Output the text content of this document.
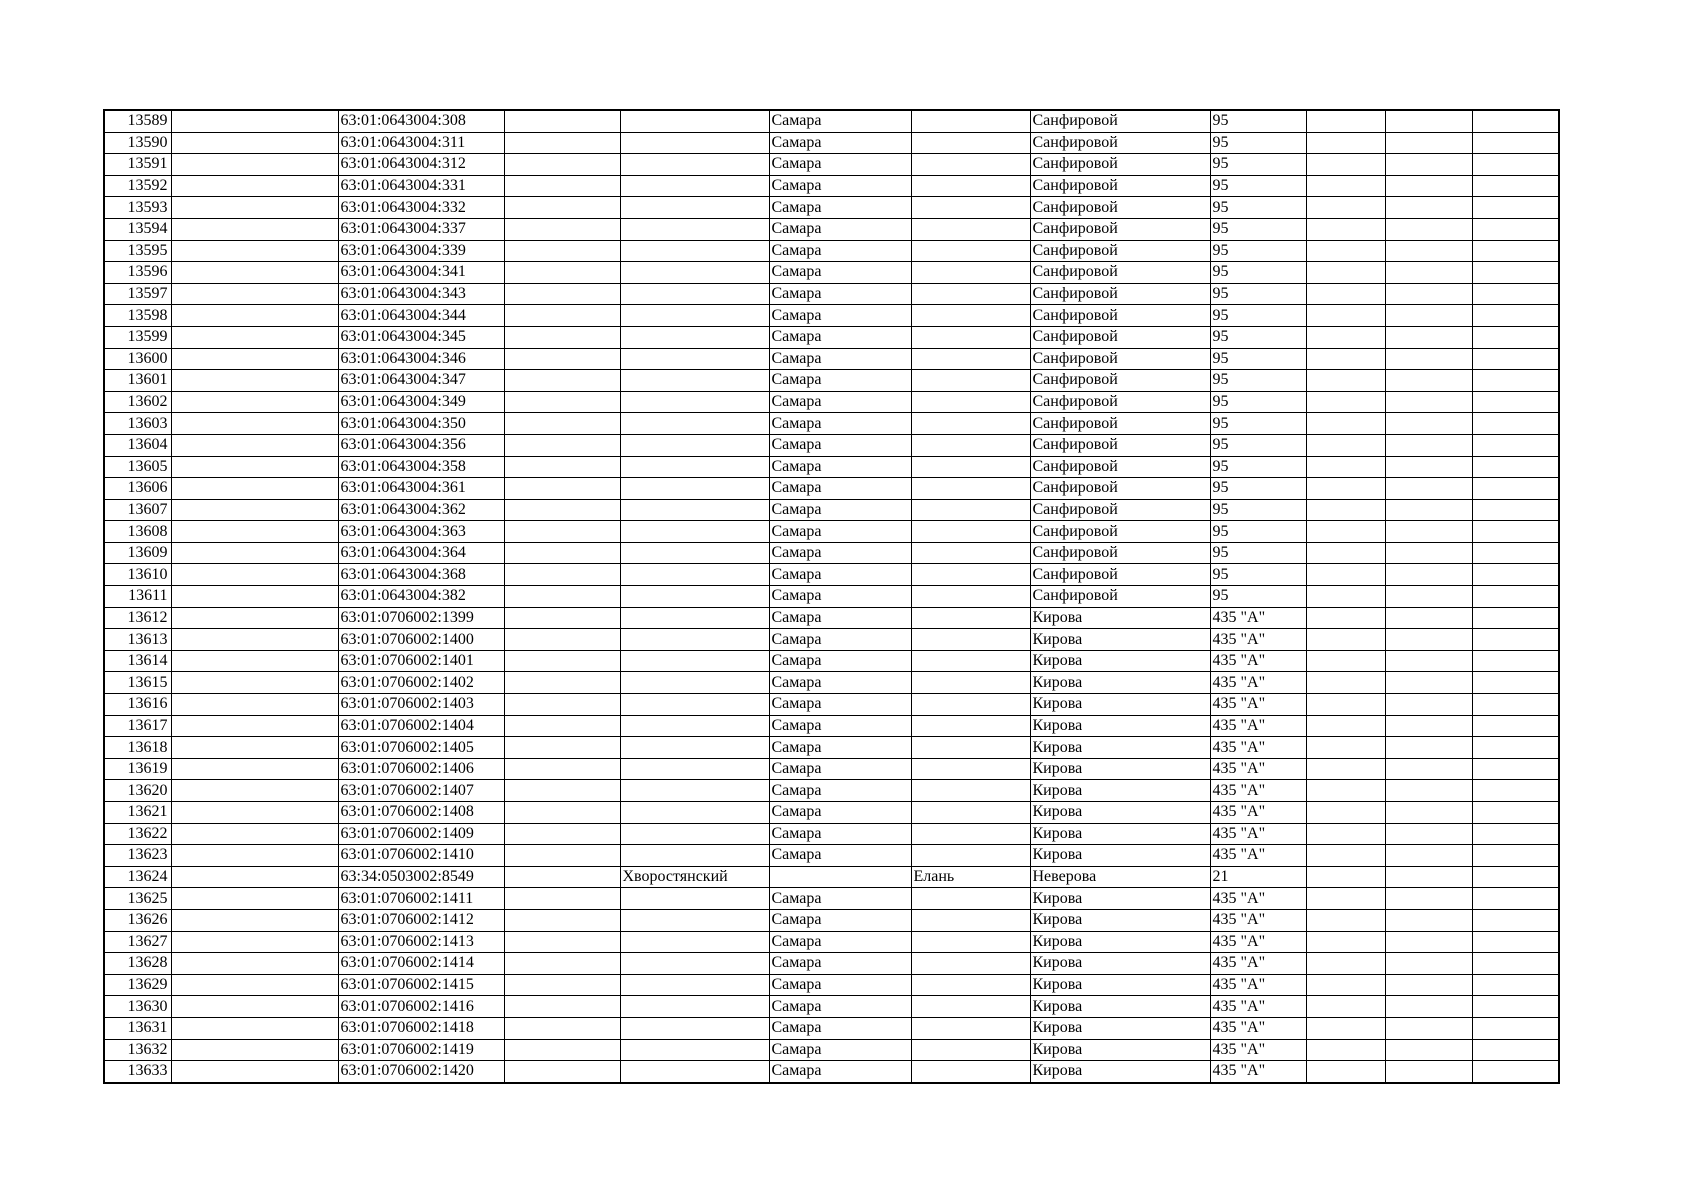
13589		63:01:0643004:308			Самара		Санфировой	95			
13590		63:01:0643004:311			Самара		Санфировой	95			
13591		63:01:0643004:312			Самара		Санфировой	95			
13592		63:01:0643004:331			Самара		Санфировой	95			
13593		63:01:0643004:332			Самара		Санфировой	95			
13594		63:01:0643004:337			Самара		Санфировой	95			
13595		63:01:0643004:339			Самара		Санфировой	95			
13596		63:01:0643004:341			Самара		Санфировой	95			
13597		63:01:0643004:343			Самара		Санфировой	95			
13598		63:01:0643004:344			Самара		Санфировой	95			
13599		63:01:0643004:345			Самара		Санфировой	95			
13600		63:01:0643004:346			Самара		Санфировой	95			
13601		63:01:0643004:347			Самара		Санфировой	95			
13602		63:01:0643004:349			Самара		Санфировой	95			
13603		63:01:0643004:350			Самара		Санфировой	95			
13604		63:01:0643004:356			Самара		Санфировой	95			
13605		63:01:0643004:358			Самара		Санфировой	95			
13606		63:01:0643004:361			Самара		Санфировой	95			
13607		63:01:0643004:362			Самара		Санфировой	95			
13608		63:01:0643004:363			Самара		Санфировой	95			
13609		63:01:0643004:364			Самара		Санфировой	95			
13610		63:01:0643004:368			Самара		Санфировой	95			
13611		63:01:0643004:382			Самара		Санфировой	95			
13612		63:01:0706002:1399			Самара		Кирова	435 "А"			
13613		63:01:0706002:1400			Самара		Кирова	435 "А"			
13614		63:01:0706002:1401			Самара		Кирова	435 "А"			
13615		63:01:0706002:1402			Самара		Кирова	435 "А"			
13616		63:01:0706002:1403			Самара		Кирова	435 "А"			
13617		63:01:0706002:1404			Самара		Кирова	435 "А"			
13618		63:01:0706002:1405			Самара		Кирова	435 "А"			
13619		63:01:0706002:1406			Самара		Кирова	435 "А"			
13620		63:01:0706002:1407			Самара		Кирова	435 "А"			
13621		63:01:0706002:1408			Самара		Кирова	435 "А"			
13622		63:01:0706002:1409			Самара		Кирова	435 "А"			
13623		63:01:0706002:1410			Самара		Кирова	435 "А"			
13624		63:34:0503002:8549		Хворостянский		Елань	Неверова	21			
13625		63:01:0706002:1411			Самара		Кирова	435 "А"			
13626		63:01:0706002:1412			Самара		Кирова	435 "А"			
13627		63:01:0706002:1413			Самара		Кирова	435 "А"			
13628		63:01:0706002:1414			Самара		Кирова	435 "А"			
13629		63:01:0706002:1415			Самара		Кирова	435 "А"			
13630		63:01:0706002:1416			Самара		Кирова	435 "А"			
13631		63:01:0706002:1418			Самара		Кирова	435 "А"			
13632		63:01:0706002:1419			Самара		Кирова	435 "А"			
13633		63:01:0706002:1420			Самара		Кирова	435 "А"			
